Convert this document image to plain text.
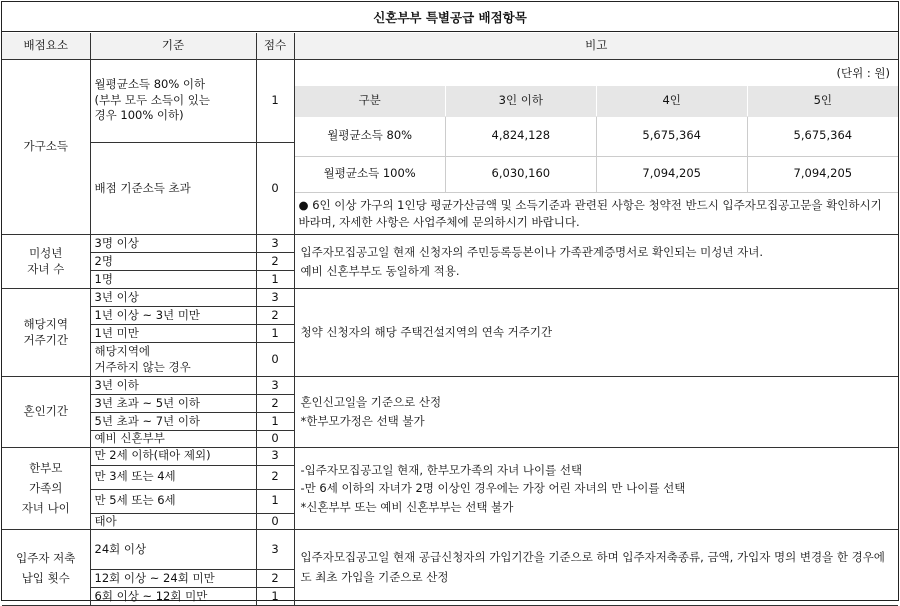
신혼부부 특별공급 배점항목
배점요소	기준	점수	비고
가구소득	월평균소득 80% 이하
(부부 모두 소득이 있는
경우 100% 이하)	1	
(단위 : 원)
구분	3인 이하	4인	5인
월평균소득 80%	4,824,128	5,675,364	5,675,364
월평균소득 100%	6,030,160	7,094,205	7,094,205
● 6인 이상 가구의 1인당 평균가산금액 및 소득기준과 관련된 사항은 청약전 반드시 입주자모집공고문을 확인하시기 바라며, 자세한 사항은 사업주체에 문의하시기 바랍니다.

배점 기준소득 초과	0
미성년
자녀 수	3명 이상	3	입주자모집공고일 현재 신청자의 주민등록등본이나 가족관계증명서로 확인되는 미성년 자녀.
예비 신혼부부도 동일하게 적용.
2명	2
1명	1
해당지역
거주기간	3년 이상	3	청약 신청자의 해당 주택건설지역의 연속 거주기간
1년 이상 ~ 3년 미만	2
1년 미만	1
해당지역에
거주하지 않는 경우	0
혼인기간	3년 이하	3	혼인신고일을 기준으로 산정
*한부모가정은 선택 불가
3년 초과 ~ 5년 이하	2
5년 초과 ~ 7년 이하	1
예비 신혼부부	0
한부모
가족의
자녀 나이	만 2세 이하(태아 제외)	3	-입주자모집공고일 현재, 한부모가족의 자녀 나이를 선택
-만 6세 이하의 자녀가 2명 이상인 경우에는 가장 어린 자녀의 만 나이를 선택
*신혼부부 또는 예비 신혼부부는 선택 불가
만 3세 또는 4세	2
만 5세 또는 6세	1
태아	0
입주자 저축
납입 횟수	24회 이상	3	입주자모집공고일 현재 공급신청자의 가입기간을 기준으로 하며 입주자저축종류, 금액, 가입자 명의 변경을 한 경우에도 최초 가입을 기준으로 산정
12회 이상 ~ 24회 미만	2
6회 이상 ~ 12회 미만	1
